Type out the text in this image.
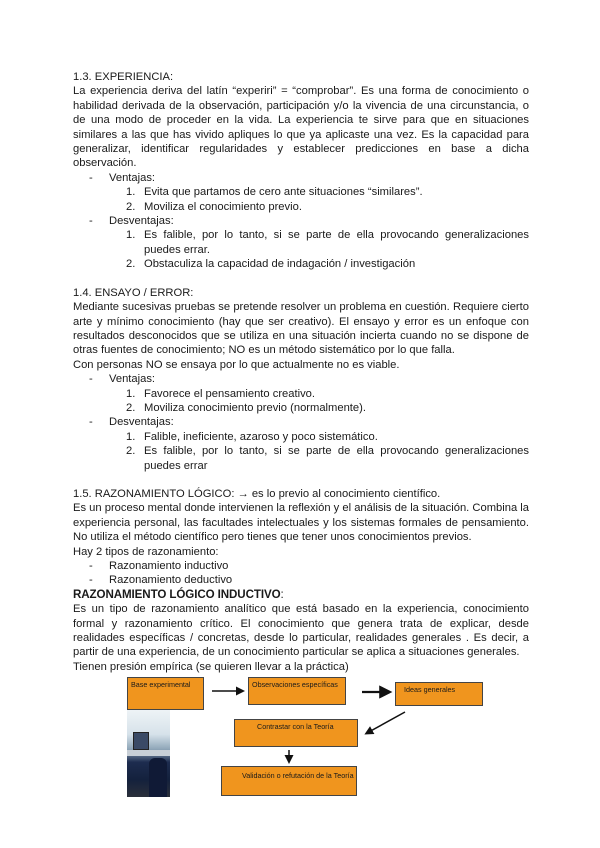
1.3. EXPERIENCIA:

La experiencia deriva del latín “experiri” = “comprobar”. Es una forma de conocimiento o habilidad derivada de la observación, participación y/o la vivencia de una circunstancia, o de una modo de proceder en la vida. La experiencia te sirve para que en situaciones similares a las que has vivido apliques lo que ya aplicaste una vez. Es la capacidad para generalizar, identificar regularidades y establecer predicciones en base a dicha observación.

- Ventajas:
1. Evita que partamos de cero ante situaciones “similares”.
2. Moviliza el conocimiento previo.
- Desventajas:
1. Es falible, por lo tanto, si se parte de ella provocando generalizaciones puedes errar.
2. Obstaculiza la capacidad de indagación / investigación

1.4. ENSAYO / ERROR:

Mediante sucesivas pruebas se pretende resolver un problema en cuestión. Requiere cierto arte y mínimo conocimiento (hay que ser creativo). El ensayo y error es un enfoque con resultados desconocidos que se utiliza en una situación incierta cuando no se dispone de otras fuentes de conocimiento; NO es un método sistemático por lo que falla.

Con personas NO se ensaya por lo que actualmente no es viable.

- Ventajas:
1. Favorece el pensamiento creativo.
2. Moviliza conocimiento previo (normalmente).
- Desventajas:
1. Falible, ineficiente, azaroso y poco sistemático.
2. Es falible, por lo tanto, si se parte de ella provocando generalizaciones puedes errar

1.5. RAZONAMIENTO LÓGICO: → es lo previo al conocimiento científico.

Es un proceso mental donde intervienen la reflexión y el análisis de la situación. Combina la experiencia personal, las facultades intelectuales y los sistemas formales de pensamiento. No utiliza el método científico pero tienes que tener unos conocimientos previos.

Hay 2 tipos de razonamiento:

- Razonamiento inductivo
- Razonamiento deductivo

RAZONAMIENTO LÓGICO INDUCTIVO:

Es un tipo de razonamiento analítico que está basado en la experiencia, conocimiento formal y razonamiento crítico. El conocimiento que genera trata de explicar, desde realidades específicas / concretas, desde lo particular, realidades generales . Es decir, a partir de una experiencia, de un conocimiento particular se aplica a situaciones generales.

Tienen presión empírica (se quieren llevar a la práctica)

Base experimental	Observaciones específicas
Ideas generales
Contrastar con la Teoría
Validación o refutación de la Teoría
